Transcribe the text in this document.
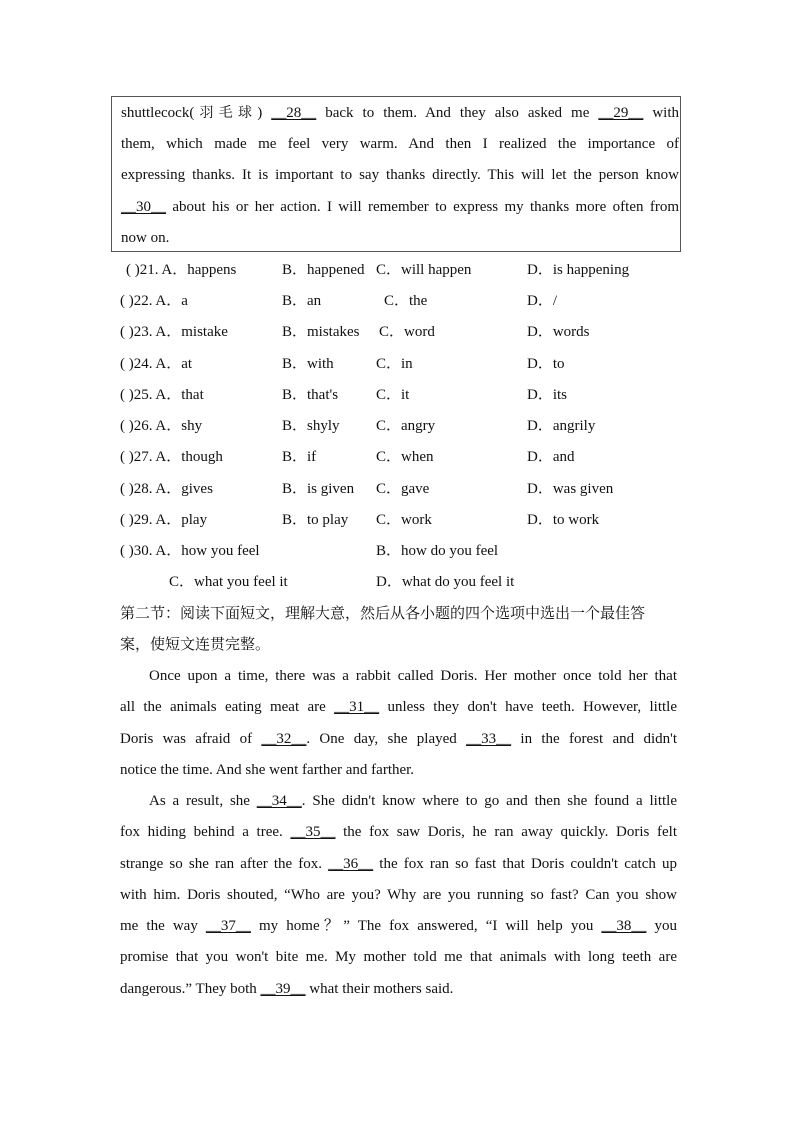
shuttlecock(羽毛球) __28__ back to them. And they also asked me __29__ with
them, which made me feel very warm. And then I realized the importance of
expressing thanks. It is important to say thanks directly. This will let the person know
__30__ about his or her action. I will remember to express my thanks more often from
now on.
( )21. A．happens	B．happened C．will happen	D．is happening
( )22. A．a	B．an	C．the	D．/
( )23. A．mistake	B．mistakes C．word	D．words
( )24. A．at	B．with	C．in	D．to
( )25. A．that	B．that's	C．it	D．its
( )26. A．shy	B．shyly C．angry	D．angrily
( )27. A．though	B．if	C．when	D．and
( )28. A．gives	B．is given C．gave	D．was given
( )29. A．play	B．to play C．work	D．to work
( )30. A．how you feel	B．how do you feel
C．what you feel it	D．what do you feel it
第二节：阅读下面短文，理解大意，然后从各小题的四个选项中选出一个最佳答
案，使短文连贯完整。
Once upon a time, there was a rabbit called Doris. Her mother once told her that
all the animals eating meat are __31__ unless they don't have teeth. However, little
Doris was afraid of __32__. One day, she played __33__ in the forest and didn't
notice the time. And she went farther and farther.
As a result, she __34__. She didn't know where to go and then she found a little
fox hiding behind a tree. __35__ the fox saw Doris, he ran away quickly. Doris felt
strange so she ran after the fox. __36__ the fox ran so fast that Doris couldn't catch up
with him. Doris shouted, “Who are you? Why are you running so fast? Can you show
me the way __37__ my home？” The fox answered, “I will help you __38__ you
promise that you won't bite me. My mother told me that animals with long teeth are
dangerous.” They both __39__ what their mothers said.
